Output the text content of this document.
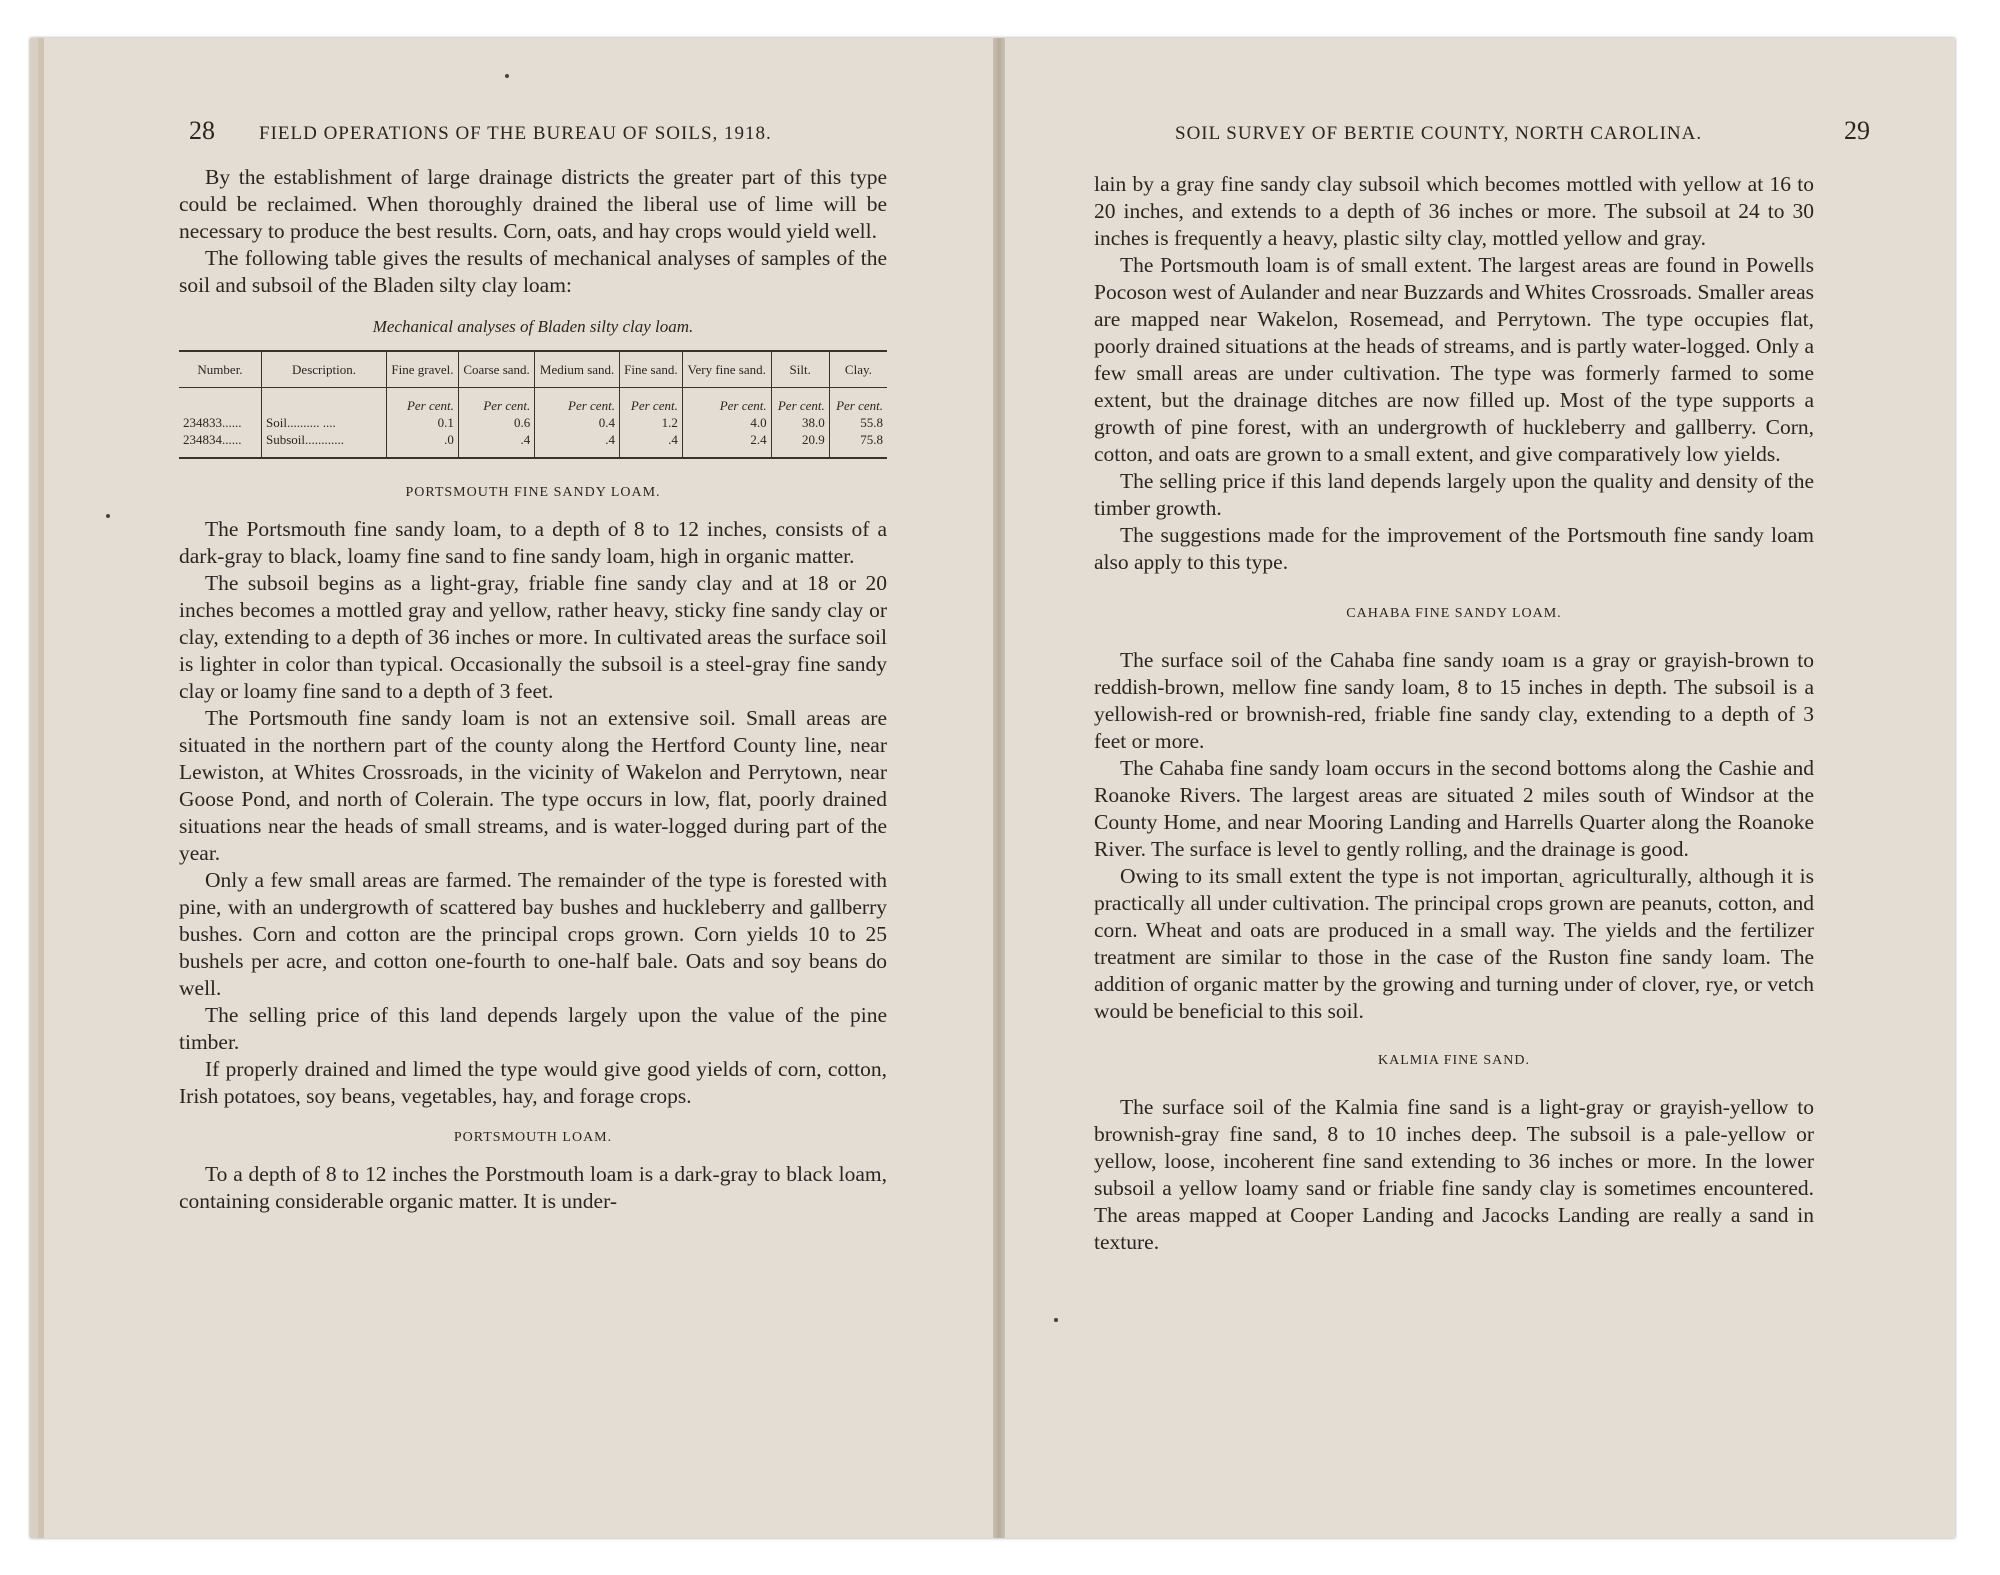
28 FIELD OPERATIONS OF THE BUREAU OF SOILS, 1918.

By the establishment of large drainage districts the greater part of this type could be reclaimed. When thoroughly drained the liberal use of lime will be necessary to produce the best results. Corn, oats, and hay crops would yield well.

The following table gives the results of mechanical analyses of samples of the soil and subsoil of the Bladen silty clay loam:

Mechanical analyses of Bladen silty clay loam.
Number.	Description.	Fine gravel.	Coarse sand.	Medium sand.	Fine sand.	Very fine sand.	Silt.	Clay.
		Per cent.	Per cent.	Per cent.	Per cent.	Per cent.	Per cent.	Per cent.
234833......	Soil.......... ....	0.1	0.6	0.4	1.2	4.0	38.0	55.8
234834......	Subsoil............	.0	.4	.4	.4	2.4	20.9	75.8
PORTSMOUTH FINE SANDY LOAM.

The Portsmouth fine sandy loam, to a depth of 8 to 12 inches, consists of a dark-gray to black, loamy fine sand to fine sandy loam, high in organic matter.

The subsoil begins as a light-gray, friable fine sandy clay and at 18 or 20 inches becomes a mottled gray and yellow, rather heavy, sticky fine sandy clay or clay, extending to a depth of 36 inches or more. In cultivated areas the surface soil is lighter in color than typical. Occasionally the subsoil is a steel-gray fine sandy clay or loamy fine sand to a depth of 3 feet.

The Portsmouth fine sandy loam is not an extensive soil. Small areas are situated in the northern part of the county along the Hertford County line, near Lewiston, at Whites Crossroads, in the vicinity of Wakelon and Perrytown, near Goose Pond, and north of Colerain. The type occurs in low, flat, poorly drained situations near the heads of small streams, and is water-logged during part of the year.

Only a few small areas are farmed. The remainder of the type is forested with pine, with an undergrowth of scattered bay bushes and huckleberry and gallberry bushes. Corn and cotton are the principal crops grown. Corn yields 10 to 25 bushels per acre, and cotton one-fourth to one-half bale. Oats and soy beans do well.

The selling price of this land depends largely upon the value of the pine timber.

If properly drained and limed the type would give good yields of corn, cotton, Irish potatoes, soy beans, vegetables, hay, and forage crops.

PORTSMOUTH LOAM.

To a depth of 8 to 12 inches the Porstmouth loam is a dark-gray to black loam, containing considerable organic matter. It is under-

SOIL SURVEY OF BERTIE COUNTY, NORTH CAROLINA.	29

lain by a gray fine sandy clay subsoil which becomes mottled with yellow at 16 to 20 inches, and extends to a depth of 36 inches or more. The subsoil at 24 to 30 inches is frequently a heavy, plastic silty clay, mottled yellow and gray.

The Portsmouth loam is of small extent. The largest areas are found in Powells Pocoson west of Aulander and near Buzzards and Whites Crossroads. Smaller areas are mapped near Wakelon, Rosemead, and Perrytown. The type occupies flat, poorly drained situations at the heads of streams, and is partly water-logged. Only a few small areas are under cultivation. The type was formerly farmed to some extent, but the drainage ditches are now filled up. Most of the type supports a growth of pine forest, with an undergrowth of huckleberry and gallberry. Corn, cotton, and oats are grown to a small extent, and give comparatively low yields.

The selling price if this land depends largely upon the quality and density of the timber growth.

The suggestions made for the improvement of the Portsmouth fine sandy loam also apply to this type.

CAHABA FINE SANDY LOAM.

The surface soil of the Cahaba fine sandy ıoam ıs a gray or grayish-brown to reddish-brown, mellow fine sandy loam, 8 to 15 inches in depth. The subsoil is a yellowish-red or brownish-red, friable fine sandy clay, extending to a depth of 3 feet or more.

The Cahaba fine sandy loam occurs in the second bottoms along the Cashie and Roanoke Rivers. The largest areas are situated 2 miles south of Windsor at the County Home, and near Mooring Landing and Harrells Quarter along the Roanoke River. The surface is level to gently rolling, and the drainage is good.

Owing to its small extent the type is not importan˛ agriculturally, although it is practically all under cultivation. The principal crops grown are peanuts, cotton, and corn. Wheat and oats are produced in a small way. The yields and the fertilizer treatment are similar to those in the case of the Ruston fine sandy loam. The addition of organic matter by the growing and turning under of clover, rye, or vetch would be beneficial to this soil.

KALMIA FINE SAND.

The surface soil of the Kalmia fine sand is a light-gray or grayish-yellow to brownish-gray fine sand, 8 to 10 inches deep. The subsoil is a pale-yellow or yellow, loose, incoherent fine sand extending to 36 inches or more. In the lower subsoil a yellow loamy sand or friable fine sandy clay is sometimes encountered. The areas mapped at Cooper Landing and Jacocks Landing are really a sand in texture.
